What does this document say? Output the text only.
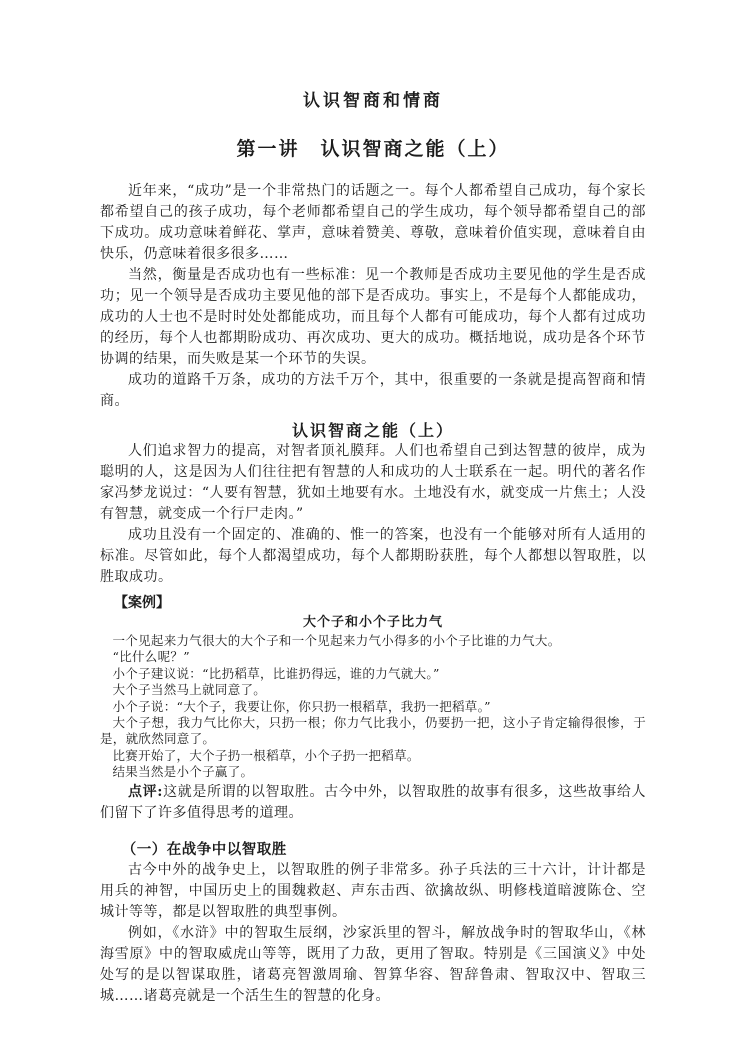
认识智商和情商
第一讲　认识智商之能（上）

近年来，“成功”是一个非常热门的话题之一。每个人都希望自己成功，每个家长都希望自己的孩子成功，每个老师都希望自己的学生成功，每个领导都希望自己的部下成功。成功意味着鲜花、掌声，意味着赞美、尊敬，意味着价值实现，意味着自由快乐，仍意味着很多很多……

当然，衡量是否成功也有一些标准：见一个教师是否成功主要见他的学生是否成功；见一个领导是否成功主要见他的部下是否成功。事实上，不是每个人都能成功，成功的人士也不是时时处处都能成功，而且每个人都有可能成功，每个人都有过成功的经历，每个人也都期盼成功、再次成功、更大的成功。概括地说，成功是各个环节协调的结果，而失败是某一个环节的失误。

成功的道路千万条，成功的方法千万个，其中，很重要的一条就是提高智商和情商。

认识智商之能（上）

人们追求智力的提高，对智者顶礼膜拜。人们也希望自己到达智慧的彼岸，成为聪明的人，这是因为人们往往把有智慧的人和成功的人士联系在一起。明代的著名作家冯梦龙说过：“人要有智慧，犹如土地要有水。土地没有水，就变成一片焦土；人没有智慧，就变成一个行尸走肉。”

成功且没有一个固定的、准确的、惟一的答案，也没有一个能够对所有人适用的标准。尽管如此，每个人都渴望成功，每个人都期盼获胜，每个人都想以智取胜，以胜取成功。

【案例】

大个子和小个子比力气

一个见起来力气很大的大个子和一个见起来力气小得多的小个子比谁的力气大。

“比什么呢？”

小个子建议说：“比扔稻草，比谁扔得远，谁的力气就大。”

大个子当然马上就同意了。

小个子说：“大个子，我要让你，你只扔一根稻草，我扔一把稻草。”

大个子想，我力气比你大，只扔一根；你力气比我小，仍要扔一把，这小子肯定输得很惨，于是，就欣然同意了。

比赛开始了，大个子扔一根稻草，小个子扔一把稻草。

结果当然是小个子赢了。

点评:这就是所谓的以智取胜。古今中外，以智取胜的故事有很多，这些故事给人们留下了许多值得思考的道理。

（一）在战争中以智取胜

古今中外的战争史上，以智取胜的例子非常多。孙子兵法的三十六计，计计都是用兵的神智，中国历史上的围魏救赵、声东击西、欲擒故纵、明修栈道暗渡陈仓、空城计等等，都是以智取胜的典型事例。

例如，《水浒》中的智取生辰纲，沙家浜里的智斗，解放战争时的智取华山，《林海雪原》中的智取威虎山等等，既用了力敌，更用了智取。特别是《三国演义》中处处写的是以智谋取胜，诸葛亮智激周瑜、智算华容、智辞鲁肃、智取汉中、智取三城……诸葛亮就是一个活生生的智慧的化身。
